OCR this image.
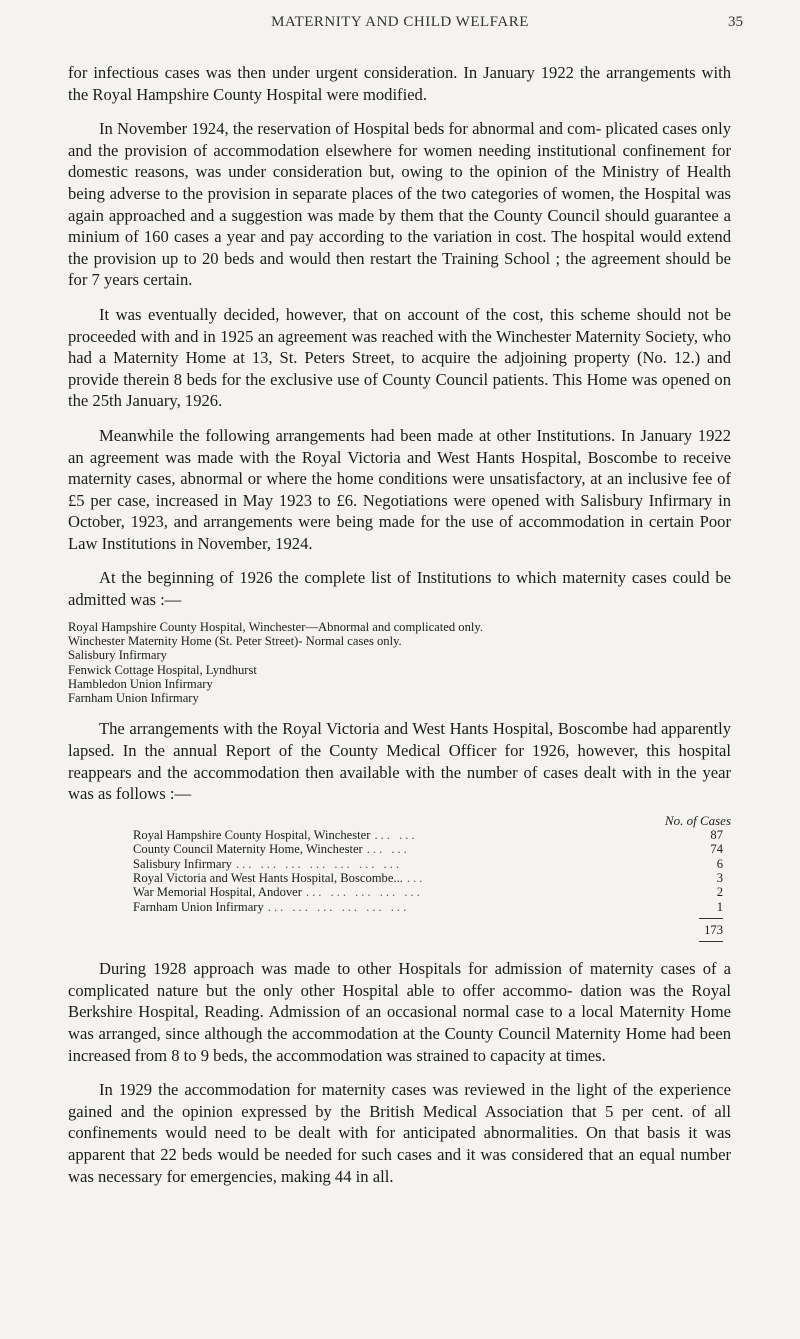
MATERNITY AND CHILD WELFARE	35

for infectious cases was then under urgent consideration. In January 1922 the arrangements with the Royal Hampshire County Hospital were modified.

In November 1924, the reservation of Hospital beds for abnormal and com- plicated cases only and the provision of accommodation elsewhere for women needing institutional confinement for domestic reasons, was under consideration but, owing to the opinion of the Ministry of Health being adverse to the provision in separate places of the two categories of women, the Hospital was again approached and a suggestion was made by them that the County Council should guarantee a minium of 160 cases a year and pay according to the variation in cost. The hospital would extend the provision up to 20 beds and would then restart the Training School ; the agreement should be for 7 years certain.

It was eventually decided, however, that on account of the cost, this scheme should not be proceeded with and in 1925 an agreement was reached with the Winchester Maternity Society, who had a Maternity Home at 13, St. Peters Street, to acquire the adjoining property (No. 12.) and provide therein 8 beds for the exclusive use of County Council patients. This Home was opened on the 25th January, 1926.

Meanwhile the following arrangements had been made at other Institutions. In January 1922 an agreement was made with the Royal Victoria and West Hants Hospital, Boscombe to receive maternity cases, abnormal or where the home conditions were unsatisfactory, at an inclusive fee of £5 per case, increased in May 1923 to £6. Negotiations were opened with Salisbury Infirmary in October, 1923, and arrangements were being made for the use of accommodation in certain Poor Law Institutions in November, 1924.

At the beginning of 1926 the complete list of Institutions to which maternity cases could be admitted was :—

Royal Hampshire County Hospital, Winchester—Abnormal and complicated only.
Winchester Maternity Home (St. Peter Street)- Normal cases only.
Salisbury Infirmary
Fenwick Cottage Hospital, Lyndhurst
Hambledon Union Infirmary
Farnham Union Infirmary

The arrangements with the Royal Victoria and West Hants Hospital, Boscombe had apparently lapsed. In the annual Report of the County Medical Officer for 1926, however, this hospital reappears and the accommodation then available with the number of cases dealt with in the year was as follows :—

No. of Cases
Royal Hampshire County Hospital, Winchester ... ...	87
County Council Maternity Home, Winchester ... ...	74
Salisbury Infirmary ... ... ... ... ... ... ...	6
Royal Victoria and West Hants Hospital, Boscombe... ...	3
War Memorial Hospital, Andover ... ... ... ... ...	2
Farnham Union Infirmary ... ... ... ... ... ...	1
173

During 1928 approach was made to other Hospitals for admission of maternity cases of a complicated nature but the only other Hospital able to offer accommo- dation was the Royal Berkshire Hospital, Reading. Admission of an occasional normal case to a local Maternity Home was arranged, since although the accommodation at the County Council Maternity Home had been increased from 8 to 9 beds, the accommodation was strained to capacity at times.

In 1929 the accommodation for maternity cases was reviewed in the light of the experience gained and the opinion expressed by the British Medical Association that 5 per cent. of all confinements would need to be dealt with for anticipated abnormalities. On that basis it was apparent that 22 beds would be needed for such cases and it was considered that an equal number was necessary for emergencies, making 44 in all.
